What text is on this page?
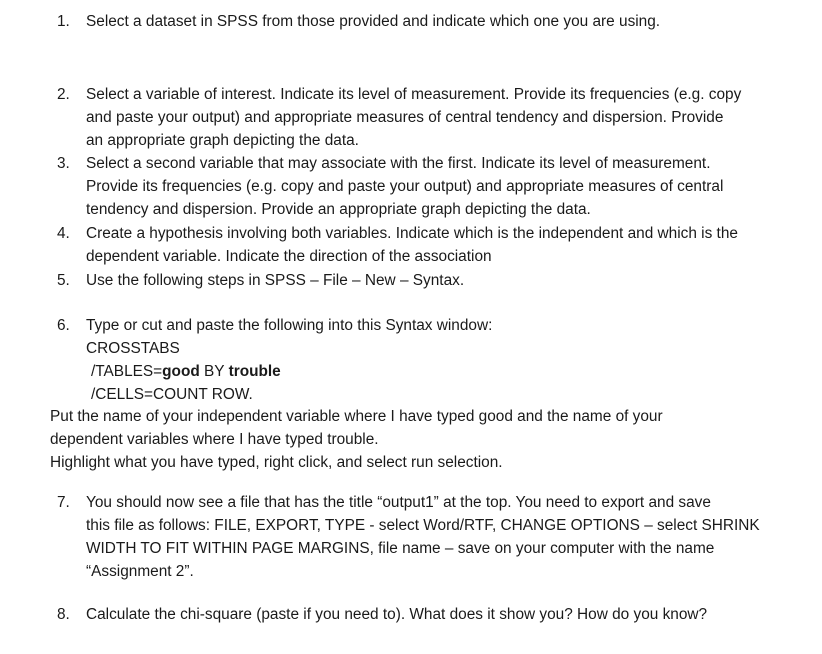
1.	Select a dataset in SPSS from those provided and indicate which one you are using.
2.	Select a variable of interest. Indicate its level of measurement. Provide its frequencies (e.g. copy
and paste your output) and appropriate measures of central tendency and dispersion. Provide
an appropriate graph depicting the data.
3.	Select a second variable that may associate with the first. Indicate its level of measurement.
Provide its frequencies (e.g. copy and paste your output) and appropriate measures of central
tendency and dispersion. Provide an appropriate graph depicting the data.
4.	Create a hypothesis involving both variables. Indicate which is the independent and which is the
dependent variable. Indicate the direction of the association
5.	Use the following steps in SPSS – File – New – Syntax.
6.	Type or cut and paste the following into this Syntax window:
CROSSTABS
/TABLES=good BY trouble
/CELLS=COUNT ROW.
Put the name of your independent variable where I have typed good and the name of your
dependent variables where I have typed trouble.
Highlight what you have typed, right click, and select run selection.
7.	You should now see a file that has the title “output1” at the top. You need to export and save
this file as follows: FILE, EXPORT, TYPE - select Word/RTF, CHANGE OPTIONS – select SHRINK
WIDTH TO FIT WITHIN PAGE MARGINS, file name – save on your computer with the name
“Assignment 2”.
8.	Calculate the chi-square (paste if you need to). What does it show you? How do you know?
